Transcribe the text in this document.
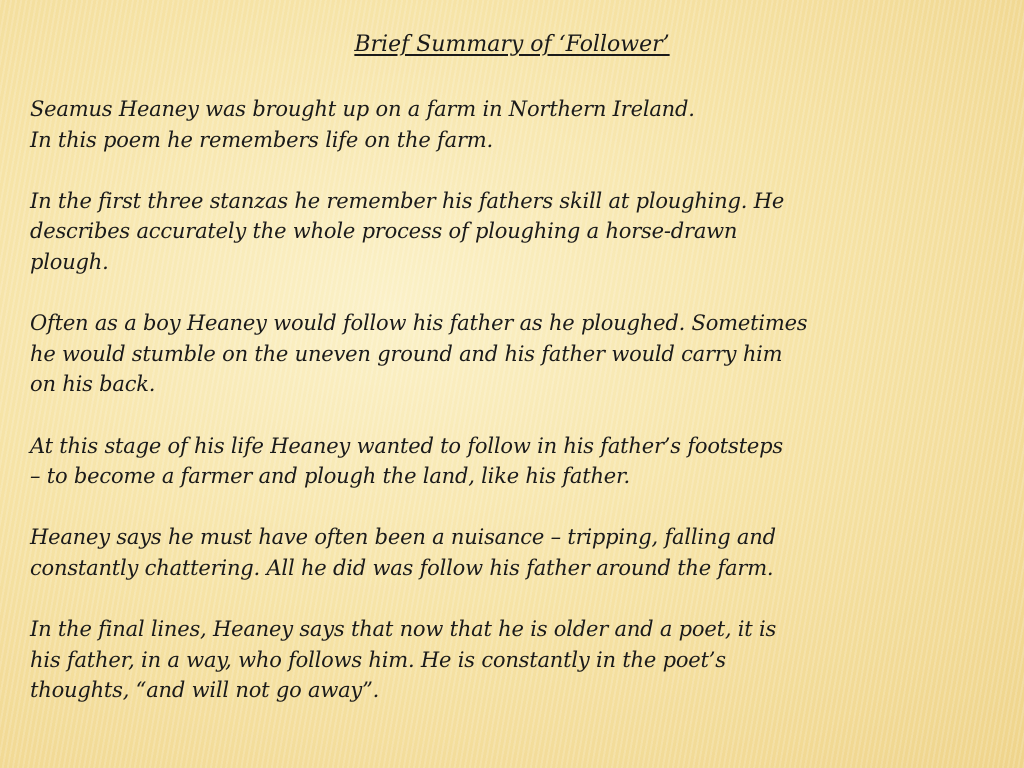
Brief Summary of ‘Follower’

Seamus Heaney was brought up on a farm in Northern Ireland.
In this poem he remembers life on the farm.

In the first three stanzas he remember his fathers skill at ploughing. He
describes accurately the whole process of ploughing a horse-drawn
plough.

Often as a boy Heaney would follow his father as he ploughed. Sometimes
he would stumble on the uneven ground and his father would carry him
on his back.

At this stage of his life Heaney wanted to follow in his father’s footsteps
– to become a farmer and plough the land, like his father.

Heaney says he must have often been a nuisance – tripping, falling and
constantly chattering. All he did was follow his father around the farm.

In the final lines, Heaney says that now that he is older and a poet, it is
his father, in a way, who follows him. He is constantly in the poet’s
thoughts, “and will not go away”.
